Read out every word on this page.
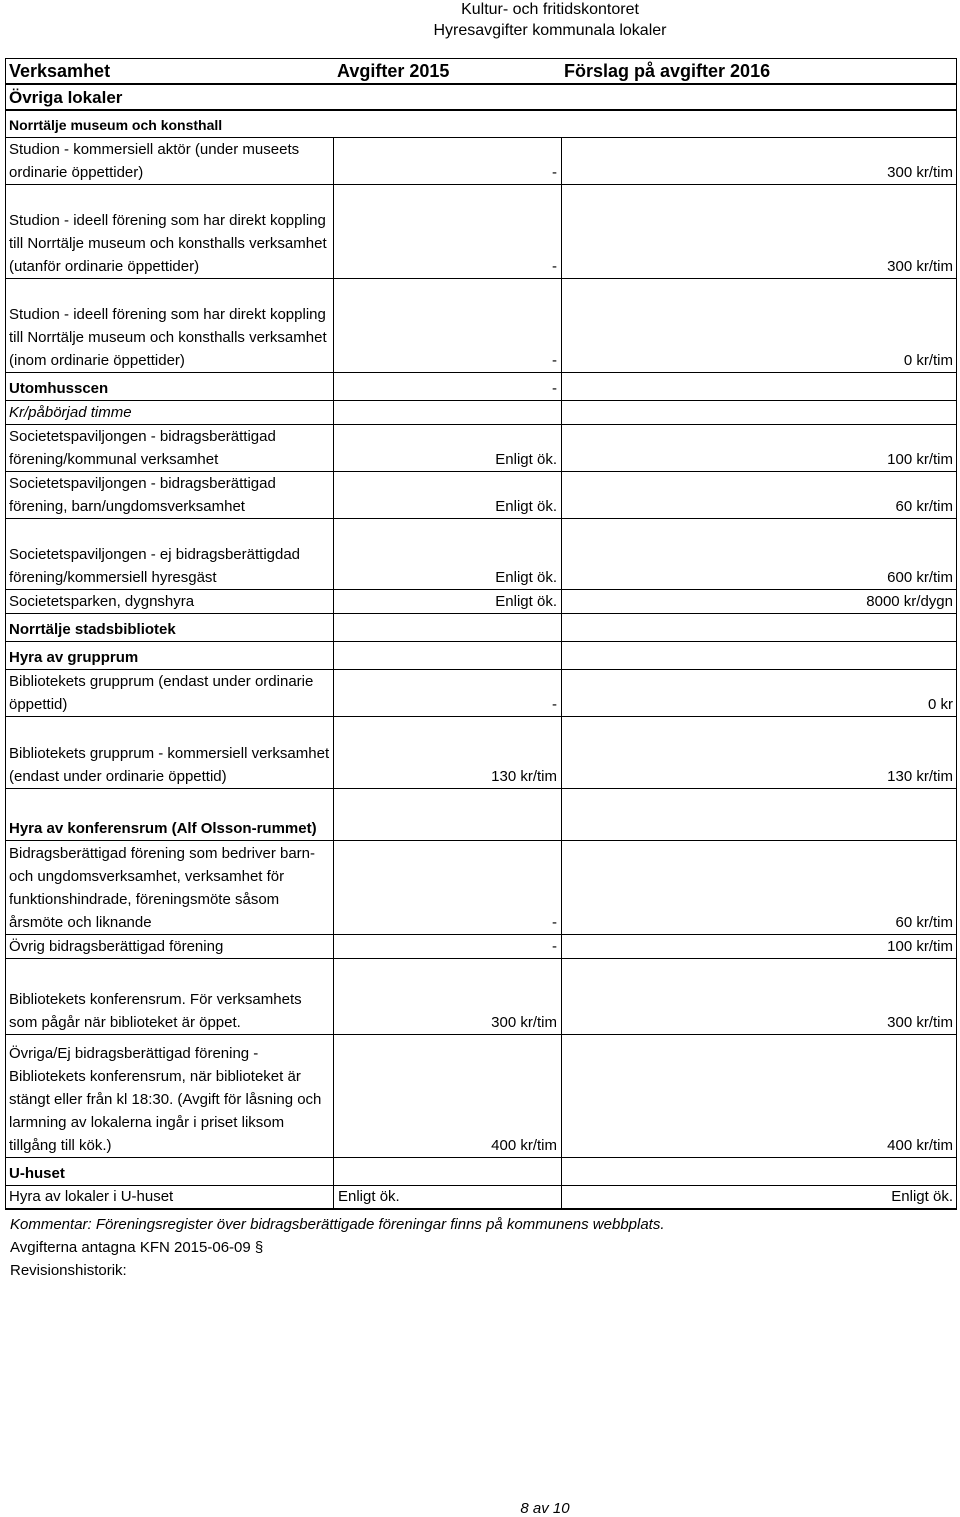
Kultur- och fritidskontoret
Hyresavgifter kommunala lokaler
Verksamhet	Avgifter 2015	Förslag på avgifter 2016
Övriga lokaler
Norrtälje museum och konsthall
Studion - kommersiell aktör (under museets ordinarie öppettider)	-	300 kr/tim
Studion - ideell förening som har direkt koppling till Norrtälje museum och konsthalls verksamhet (utanför ordinarie öppettider)	-	300 kr/tim
Studion - ideell förening som har direkt koppling till Norrtälje museum och konsthalls verksamhet (inom ordinarie öppettider)	-	0 kr/tim
Utomhusscen	-
Kr/påbörjad timme
Societetspaviljongen - bidragsberättigad förening/kommunal verksamhet	Enligt ök.	100 kr/tim
Societetspaviljongen - bidragsberättigad förening, barn/ungdomsverksamhet	Enligt ök.	60 kr/tim
Societetspaviljongen - ej bidragsberättigdad förening/kommersiell hyresgäst	Enligt ök.	600 kr/tim
Societetsparken, dygnshyra	Enligt ök.	8000 kr/dygn
Norrtälje stadsbibliotek
Hyra av grupprum
Bibliotekets grupprum (endast under ordinarie öppettid)	-	0 kr
Bibliotekets grupprum - kommersiell verksamhet (endast under ordinarie öppettid)	130 kr/tim	130 kr/tim
Hyra av konferensrum (Alf Olsson-rummet)
Bidragsberättigad förening som bedriver barn- och ungdomsverksamhet, verksamhet för funktionshindrade, föreningsmöte såsom årsmöte och liknande	-	60 kr/tim
Övrig bidragsberättigad förening	-	100 kr/tim
Bibliotekets konferensrum. För verksamhets som pågår när biblioteket är öppet.	300 kr/tim	300 kr/tim
Övriga/Ej bidragsberättigad förening - Bibliotekets konferensrum, när biblioteket är stängt eller från kl 18:30. (Avgift för låsning och larmning av lokalerna ingår i priset liksom tillgång till kök.)	400 kr/tim	400 kr/tim
U-huset
Hyra av lokaler i U-huset	Enligt ök.	Enligt ök.
Kommentar: Föreningsregister över bidragsberättigade föreningar finns på kommunens webbplats.
Avgifterna antagna KFN 2015-06-09 §
Revisionshistorik:
8 av 10
